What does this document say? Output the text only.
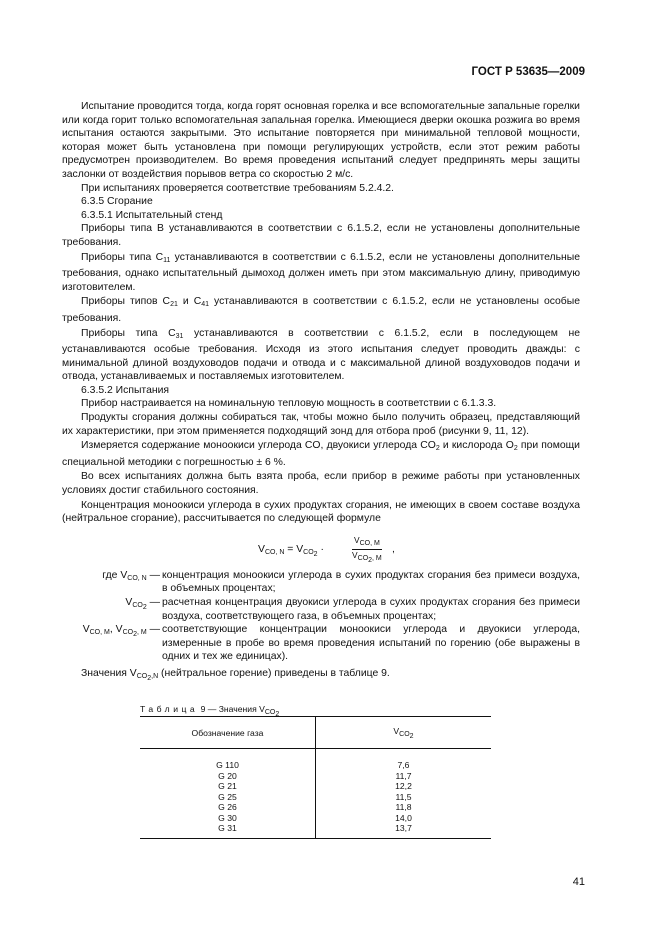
ГОСТ Р 53635—2009

Испытание проводится тогда, когда горят основная горелка и все вспомогательные запальные горелки или когда горит только вспомогательная запальная горелка. Имеющиеся дверки окошка розжига во время испытания остаются закрытыми. Это испытание повторяется при минимальной тепловой мощности, которая может быть установлена при помощи регулирующих устройств, если этот режим работы предусмотрен производителем. Во время проведения испытаний следует предпринять меры защиты заслонки от воздействия порывов ветра со скоростью 2 м/с.

При испытаниях проверяется соответствие требованиям 5.2.4.2.

6.3.5 Сгорание

6.3.5.1 Испытательный стенд

Приборы типа В устанавливаются в соответствии с 6.1.5.2, если не установлены дополнительные требования.

Приборы типа $C_{11}$ устанавливаются в соответствии с 6.1.5.2, если не установлены дополнительные требования, однако испытательный дымоход должен иметь при этом максимальную длину, приводимую изготовителем.

Приборы типов $C_{21}$ и $C_{41}$ устанавливаются в соответствии с 6.1.5.2, если не установлены особые требования.

Приборы типа $C_{31}$ устанавливаются в соответствии с 6.1.5.2, если в последующем не устанавливаются особые требования. Исходя из этого испытания следует проводить дважды: с минимальной длиной воздуховодов подачи и отвода и с максимальной длиной воздуховодов подачи и отвода, устанавливаемых и поставляемых изготовителем.

6.3.5.2 Испытания

Прибор настраивается на номинальную тепловую мощность в соответствии с 6.1.3.3.

Продукты сгорания должны собираться так, чтобы можно было получить образец, представляющий их характеристики, при этом применяется подходящий зонд для отбора проб (рисунки 9, 11, 12).

Измеряется содержание моноокиси углерода CO, двуокиси углерода $CO_2$ и кислорода $O_2$ при помощи специальной методики с погрешностью ± 6 %.

Во всех испытаниях должна быть взята проба, если прибор в режиме работы при установленных условиях достиг стабильного состояния.

Концентрация моноокиси углерода в сухих продуктах сгорания, не имеющих в своем составе воздуха (нейтральное сгорание), рассчитывается по следующей формуле

$V_{CO, N} = V_{CO_2}$ ·
$V_{CO, M}$
$V_{CO_2, M}$
,
где $V_{CO, N}$ — концентрация моноокиси углерода в сухих продуктах сгорания без примеси воздуха, в объемных процентах;
$V_{CO_2}$ — расчетная концентрация двуокиси углерода в сухих продуктах сгорания без примеси воздуха, соответствующего газа, в объемных процентах;
$V_{CO, M}$, $V_{CO_2, M}$ — соответствующие концентрации моноокиси углерода и двуокиси углерода, измеренные в пробе во время проведения испытаний по горению (обе выражены в одних и тех же единицах).

Значения $V_{CO_2,N}$ (нейтральное горение) приведены в таблице 9.

Таблица 9 — Значения $V_{CO_2}$
Обозначение газа	$V_{CO_2}$
G 110	7,6
G 20	11,7
G 21	12,2
G 25	11,5
G 26	11,8
G 30	14,0
G 31	13,7
41
